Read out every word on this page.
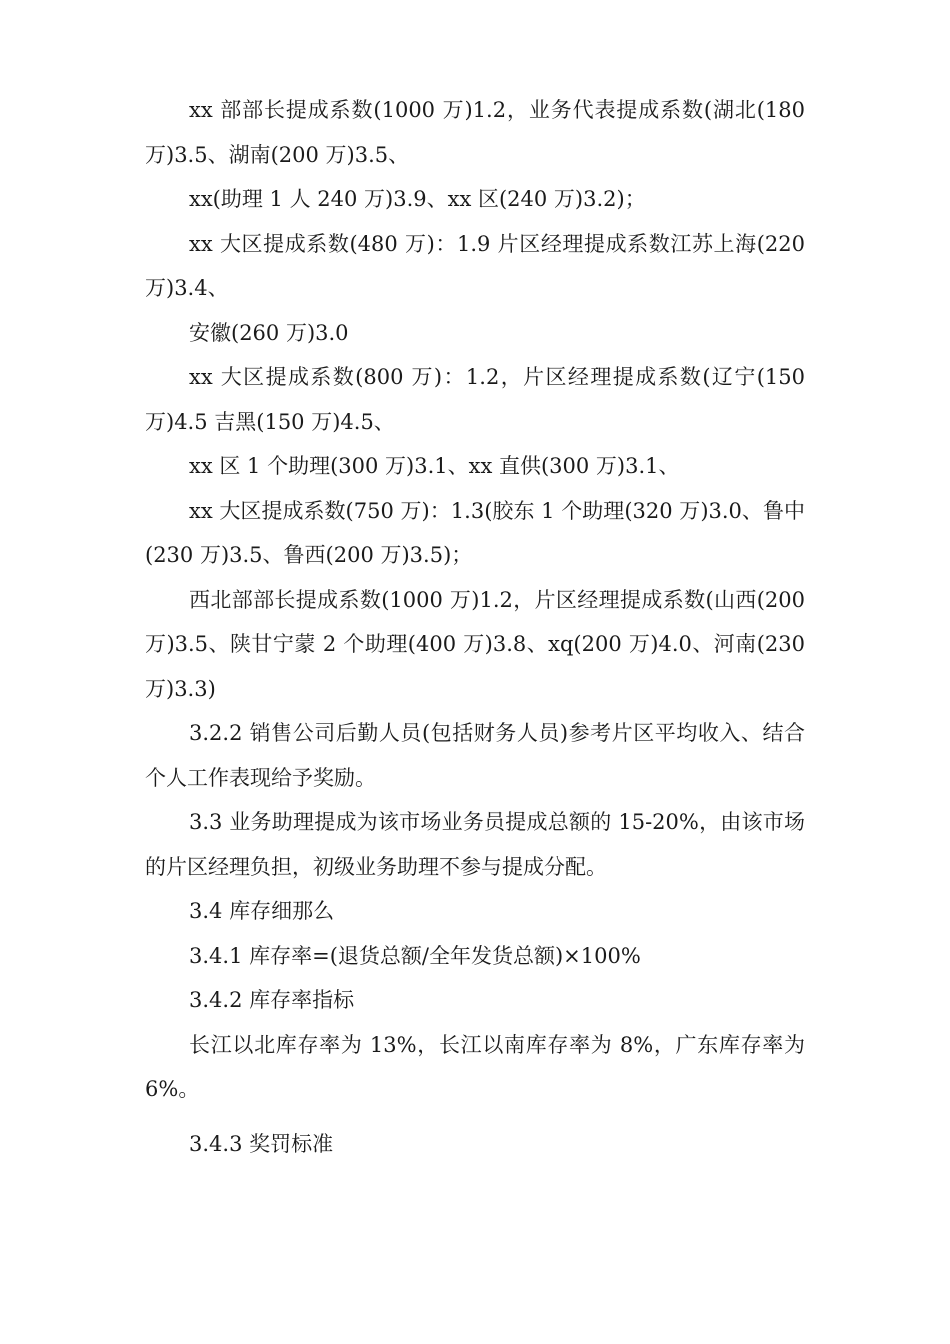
xx 部部长提成系数(1000 万)1.2，业务代表提成系数(湖北(180 万)3.5、湖南(200 万)3.5、

xx(助理 1 人 240 万)3.9、xx 区(240 万)3.2)；

xx 大区提成系数(480 万)：1.9 片区经理提成系数江苏上海(220 万)3.4、

安徽(260 万)3.0

xx 大区提成系数(800 万)：1.2，片区经理提成系数(辽宁(150 万)4.5 吉黑(150 万)4.5、

xx 区 1 个助理(300 万)3.1、xx 直供(300 万)3.1、

xx 大区提成系数(750 万)：1.3(胶东 1 个助理(320 万)3.0、鲁中(230 万)3.5、鲁西(200 万)3.5)；

西北部部长提成系数(1000 万)1.2，片区经理提成系数(山西(200 万)3.5、陕甘宁蒙 2 个助理(400 万)3.8、xq(200 万)4.0、河南(230 万)3.3)

3.2.2 销售公司后勤人员(包括财务人员)参考片区平均收入、结合个人工作表现给予奖励。

3.3 业务助理提成为该市场业务员提成总额的 15-20%，由该市场的片区经理负担，初级业务助理不参与提成分配。

3.4 库存细那么

3.4.1 库存率=(退货总额/全年发货总额)×100%

3.4.2 库存率指标

长江以北库存率为 13%，长江以南库存率为 8%，广东库存率为 6%。

3.4.3 奖罚标准
